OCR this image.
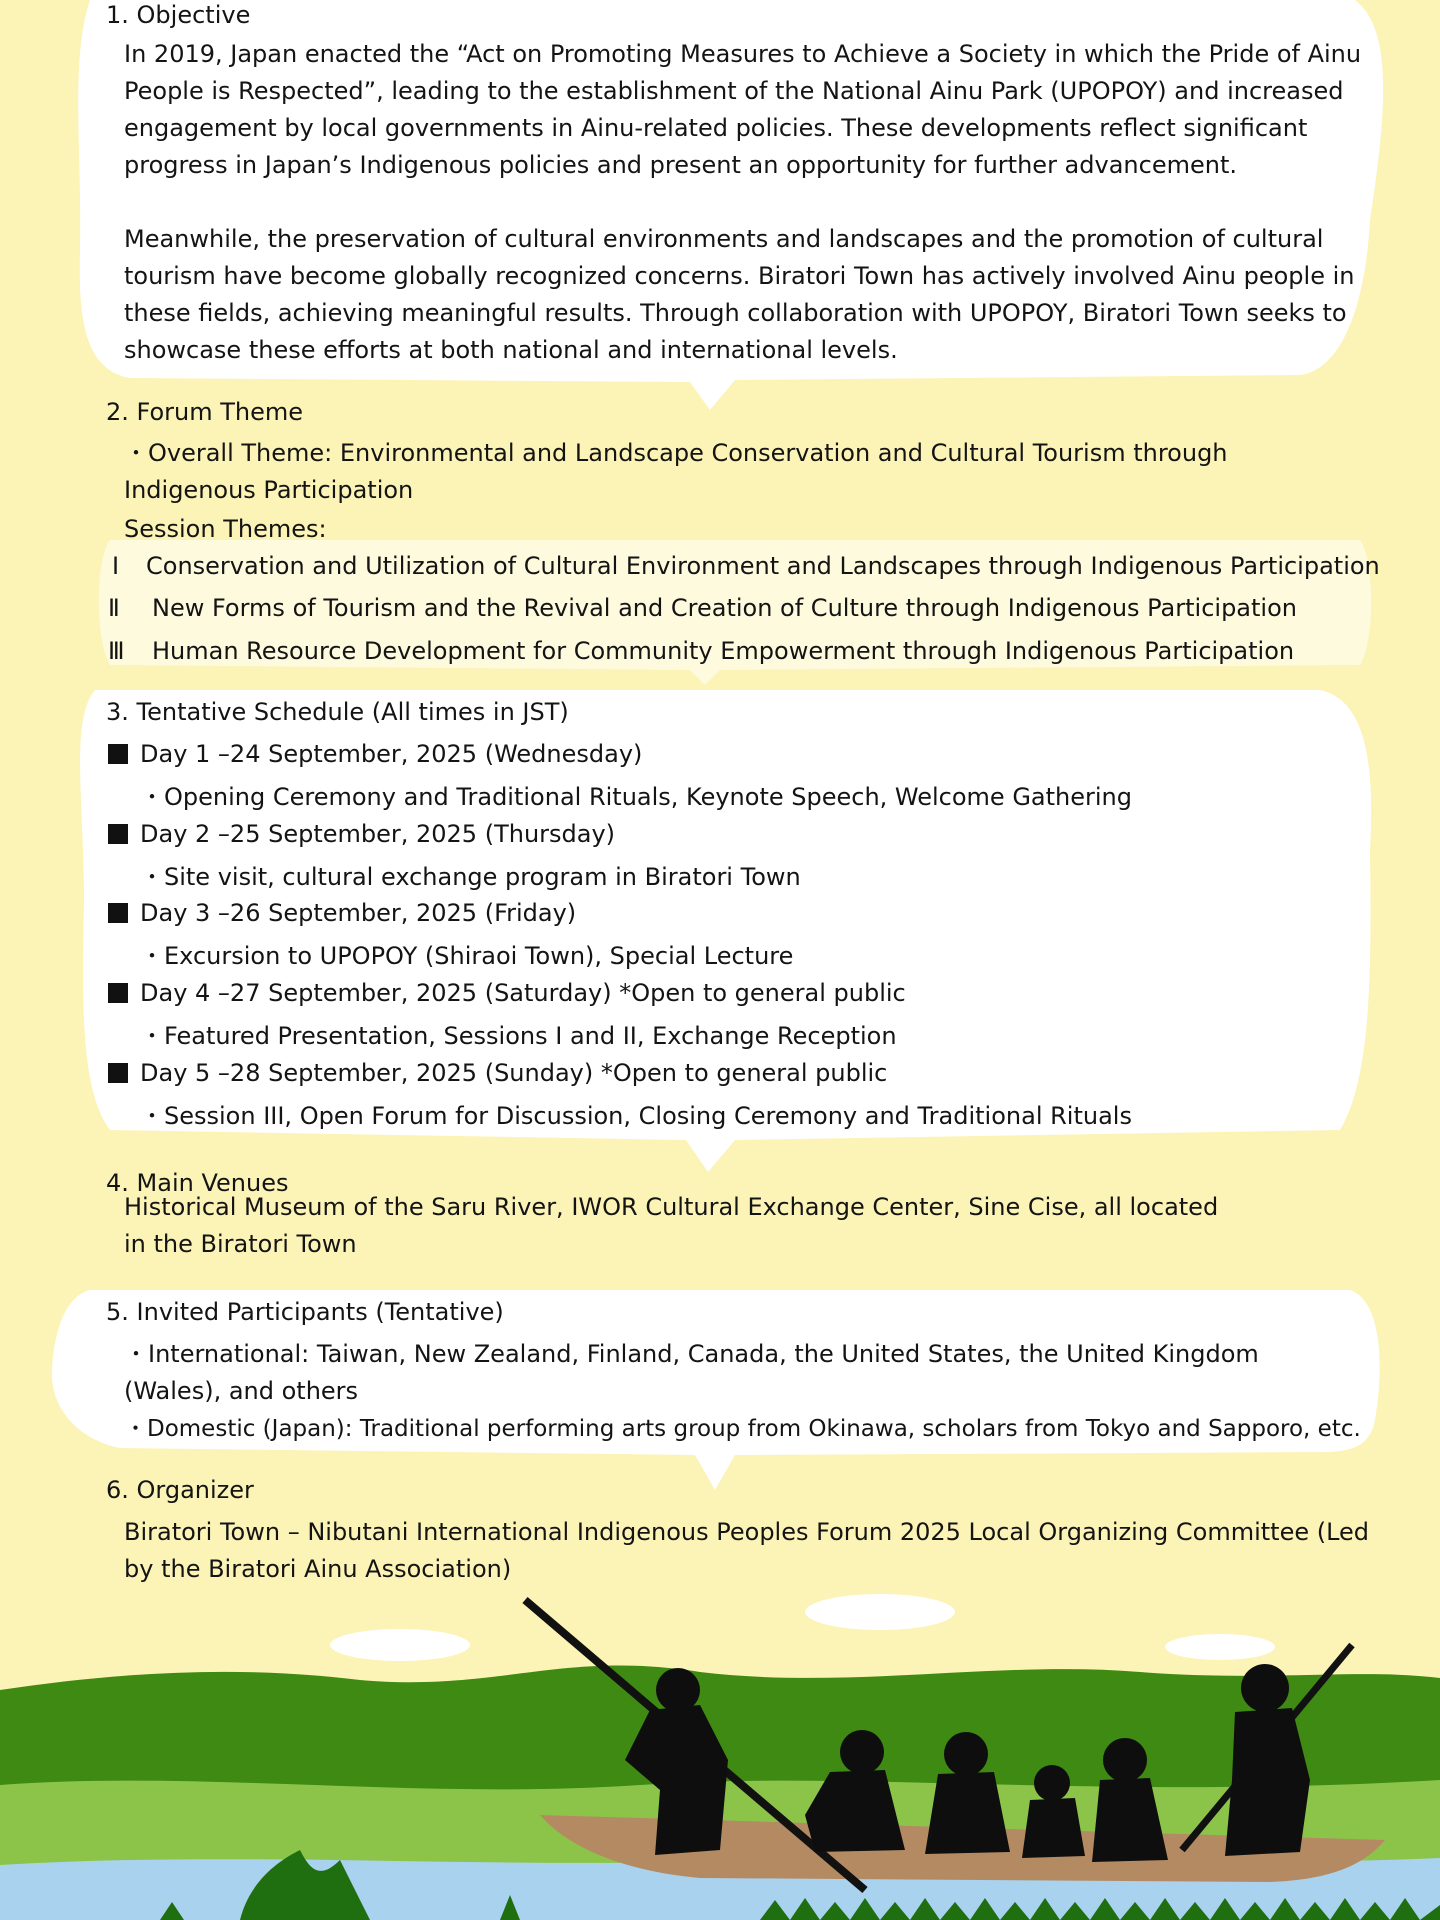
1. Objective
In 2019, Japan enacted the “Act on Promoting Measures to Achieve a Society in which the Pride of Ainu People is Respected”, leading to the establishment of the National Ainu Park (UPOPOY) and increased engagement by local governments in Ainu-related policies. These developments reflect significant progress in Japan’s Indigenous policies and present an opportunity for further advancement.
Meanwhile, the preservation of cultural environments and landscapes and the promotion of cultural tourism have become globally recognized concerns. Biratori Town has actively involved Ainu people in these fields, achieving meaningful results. Through collaboration with UPOPOY, Biratori Town seeks to showcase these efforts at both national and international levels.
2. Forum Theme
・Overall Theme: Environmental and Landscape Conservation and Cultural Tourism through Indigenous Participation
Session Themes:
Ⅰ Conservation and Utilization of Cultural Environment and Landscapes through Indigenous Participation
Ⅱ New Forms of Tourism and the Revival and Creation of Culture through Indigenous Participation
Ⅲ Human Resource Development for Community Empowerment through Indigenous Participation
3. Tentative Schedule (All times in JST)
Day 1 –24 September, 2025 (Wednesday)
・Opening Ceremony and Traditional Rituals, Keynote Speech, Welcome Gathering
Day 2 –25 September, 2025 (Thursday)
・Site visit, cultural exchange program in Biratori Town
Day 3 –26 September, 2025 (Friday)
・Excursion to UPOPOY (Shiraoi Town), Special Lecture
Day 4 –27 September, 2025 (Saturday) *Open to general public
・Featured Presentation, Sessions I and II, Exchange Reception
Day 5 –28 September, 2025 (Sunday) *Open to general public
・Session III, Open Forum for Discussion, Closing Ceremony and Traditional Rituals
4. Main Venues
Historical Museum of the Saru River, IWOR Cultural Exchange Center, Sine Cise, all located in the Biratori Town
5. Invited Participants (Tentative)
・International: Taiwan, New Zealand, Finland, Canada, the United States, the United Kingdom (Wales), and others
・Domestic (Japan): Traditional performing arts group from Okinawa, scholars from Tokyo and Sapporo, etc.
6. Organizer
Biratori Town – Nibutani International Indigenous Peoples Forum 2025 Local Organizing Committee (Led by the Biratori Ainu Association)
